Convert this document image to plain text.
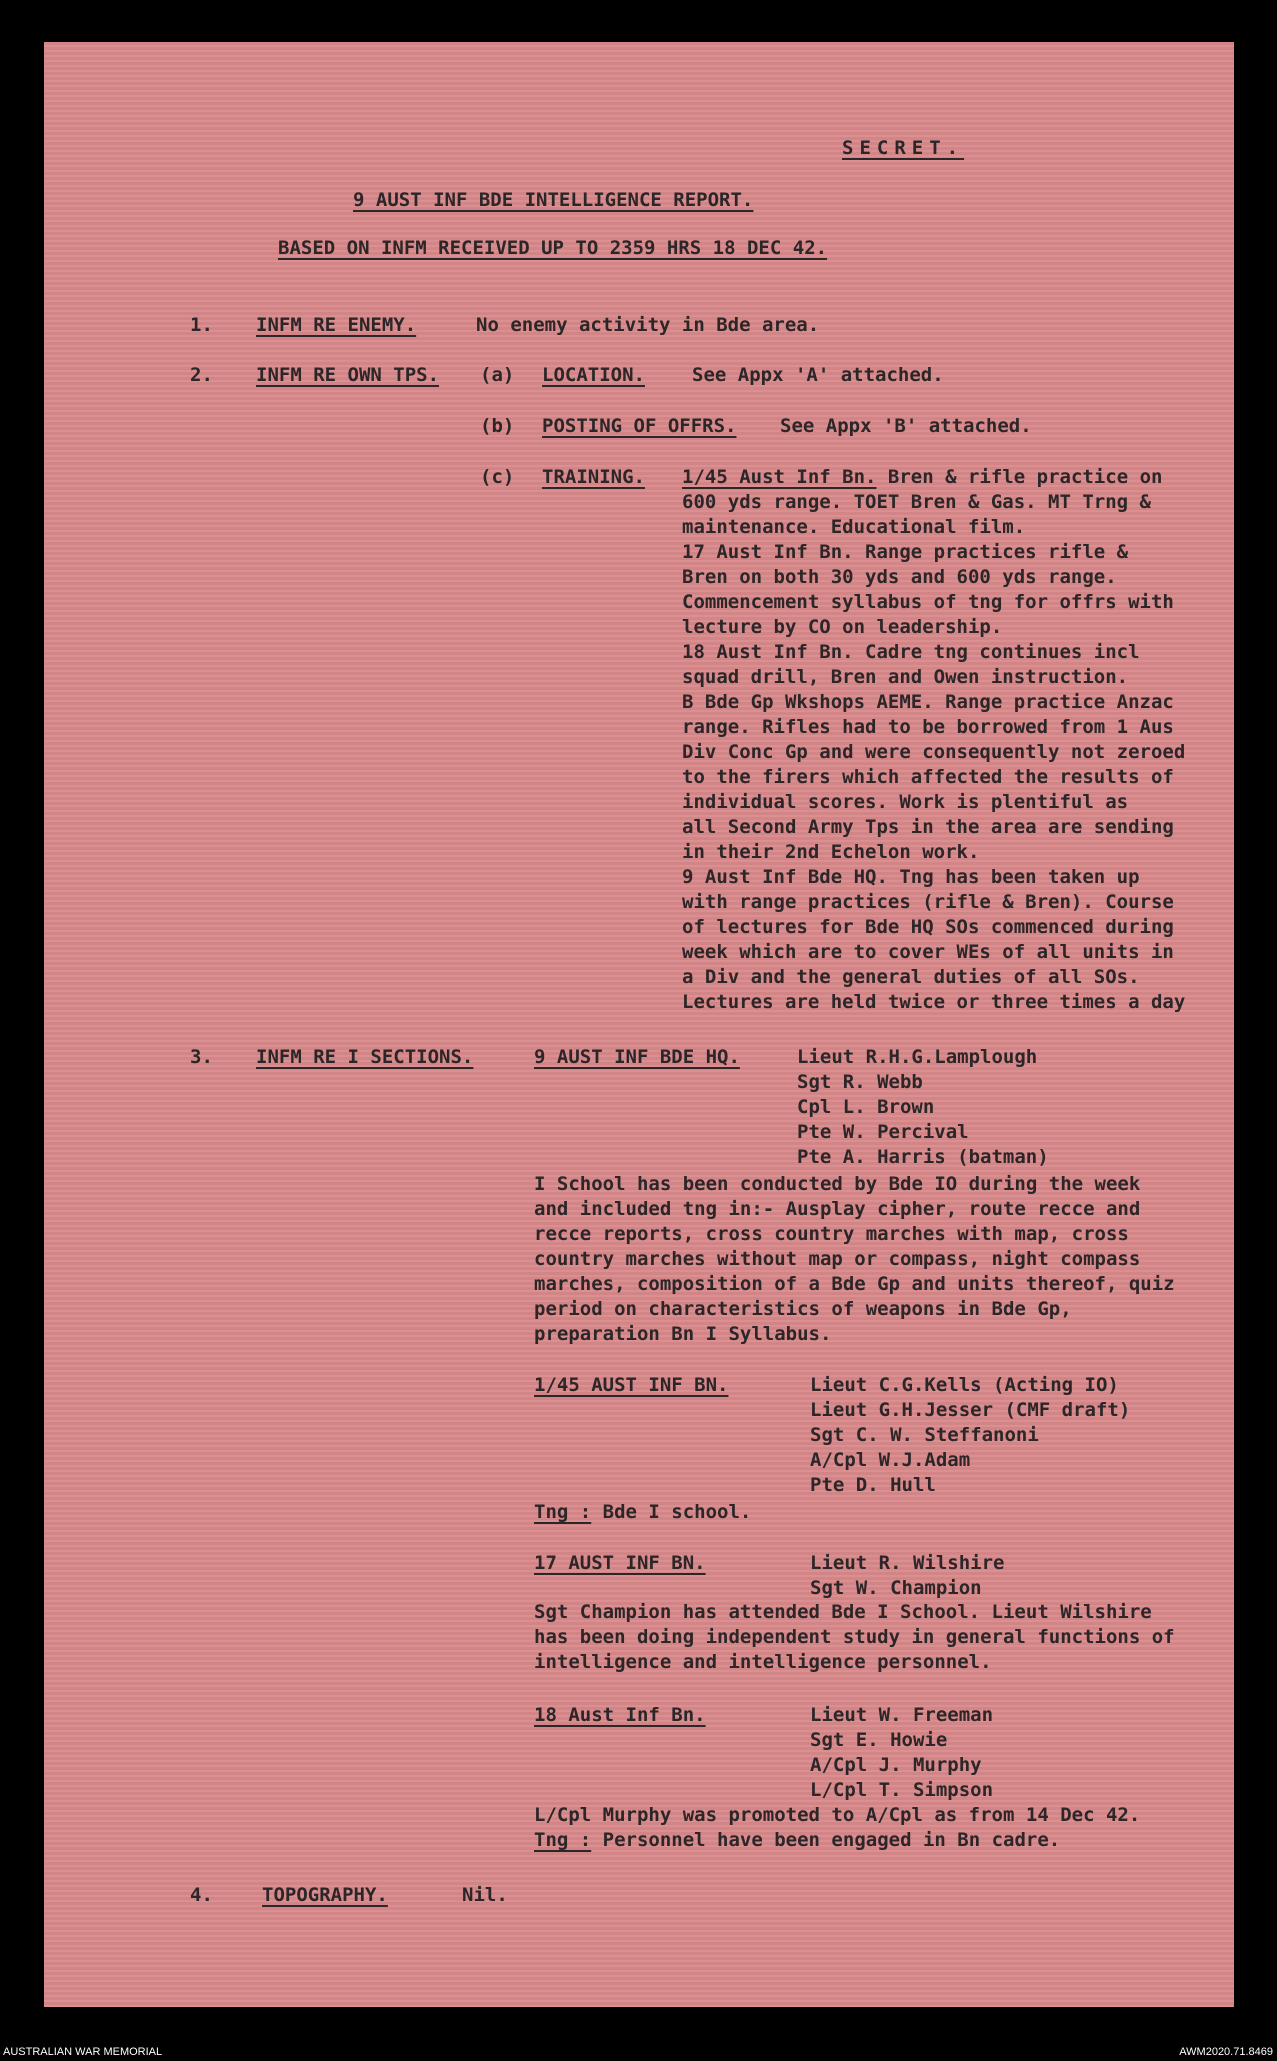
SECRET.
9 AUST INF BDE INTELLIGENCE REPORT.
BASED ON INFM RECEIVED UP TO 2359 HRS 18 DEC 42.
1. INFM RE ENEMY.	No enemy activity in Bde area.
2. INFM RE OWN TPS. (a) LOCATION. See Appx 'A' attached.
(b) POSTING OF OFFRS. See Appx 'B' attached.
(c) TRAINING. 1/45 Aust Inf Bn. Bren & rifle practice on
600 yds range. TOET Bren & Gas. MT Trng &
maintenance. Educational film.
17 Aust Inf Bn. Range practices rifle &
Bren on both 30 yds and 600 yds range.
Commencement syllabus of tng for offrs with
lecture by CO on leadership.
18 Aust Inf Bn. Cadre tng continues incl
squad drill, Bren and Owen instruction.
B Bde Gp Wkshops AEME. Range practice Anzac
range. Rifles had to be borrowed from 1 Aus
Div Conc Gp and were consequently not zeroed
to the firers which affected the results of
individual scores. Work is plentiful as
all Second Army Tps in the area are sending
in their 2nd Echelon work.
9 Aust Inf Bde HQ. Tng has been taken up
with range practices (rifle & Bren). Course
of lectures for Bde HQ SOs commenced during
week which are to cover WEs of all units in
a Div and the general duties of all SOs.
Lectures are held twice or three times a day
3. INFM RE I SECTIONS.	9 AUST INF BDE HQ.	Lieut R.H.G.Lamplough
Sgt R. Webb
Cpl L. Brown
Pte W. Percival
Pte A. Harris (batman)
I School has been conducted by Bde IO during the week
and included tng in:- Ausplay cipher, route recce and
recce reports, cross country marches with map, cross
country marches without map or compass, night compass
marches, composition of a Bde Gp and units thereof, quiz
period on characteristics of weapons in Bde Gp,
preparation Bn I Syllabus.
1/45 AUST INF BN.	Lieut C.G.Kells (Acting IO)
Lieut G.H.Jesser (CMF draft)
Sgt C. W. Steffanoni
A/Cpl W.J.Adam
Pte D. Hull
Tng : Bde I school.
17 AUST INF BN.	Lieut R. Wilshire
Sgt W. Champion
Sgt Champion has attended Bde I School. Lieut Wilshire
has been doing independent study in general functions of
intelligence and intelligence personnel.
18 Aust Inf Bn.	Lieut W. Freeman
Sgt E. Howie
A/Cpl J. Murphy
L/Cpl T. Simpson
L/Cpl Murphy was promoted to A/Cpl as from 14 Dec 42.
Tng : Personnel have been engaged in Bn cadre.
4.	TOPOGRAPHY.	Nil.
AUSTRALIAN WAR MEMORIAL	AWM2020.71.8469
